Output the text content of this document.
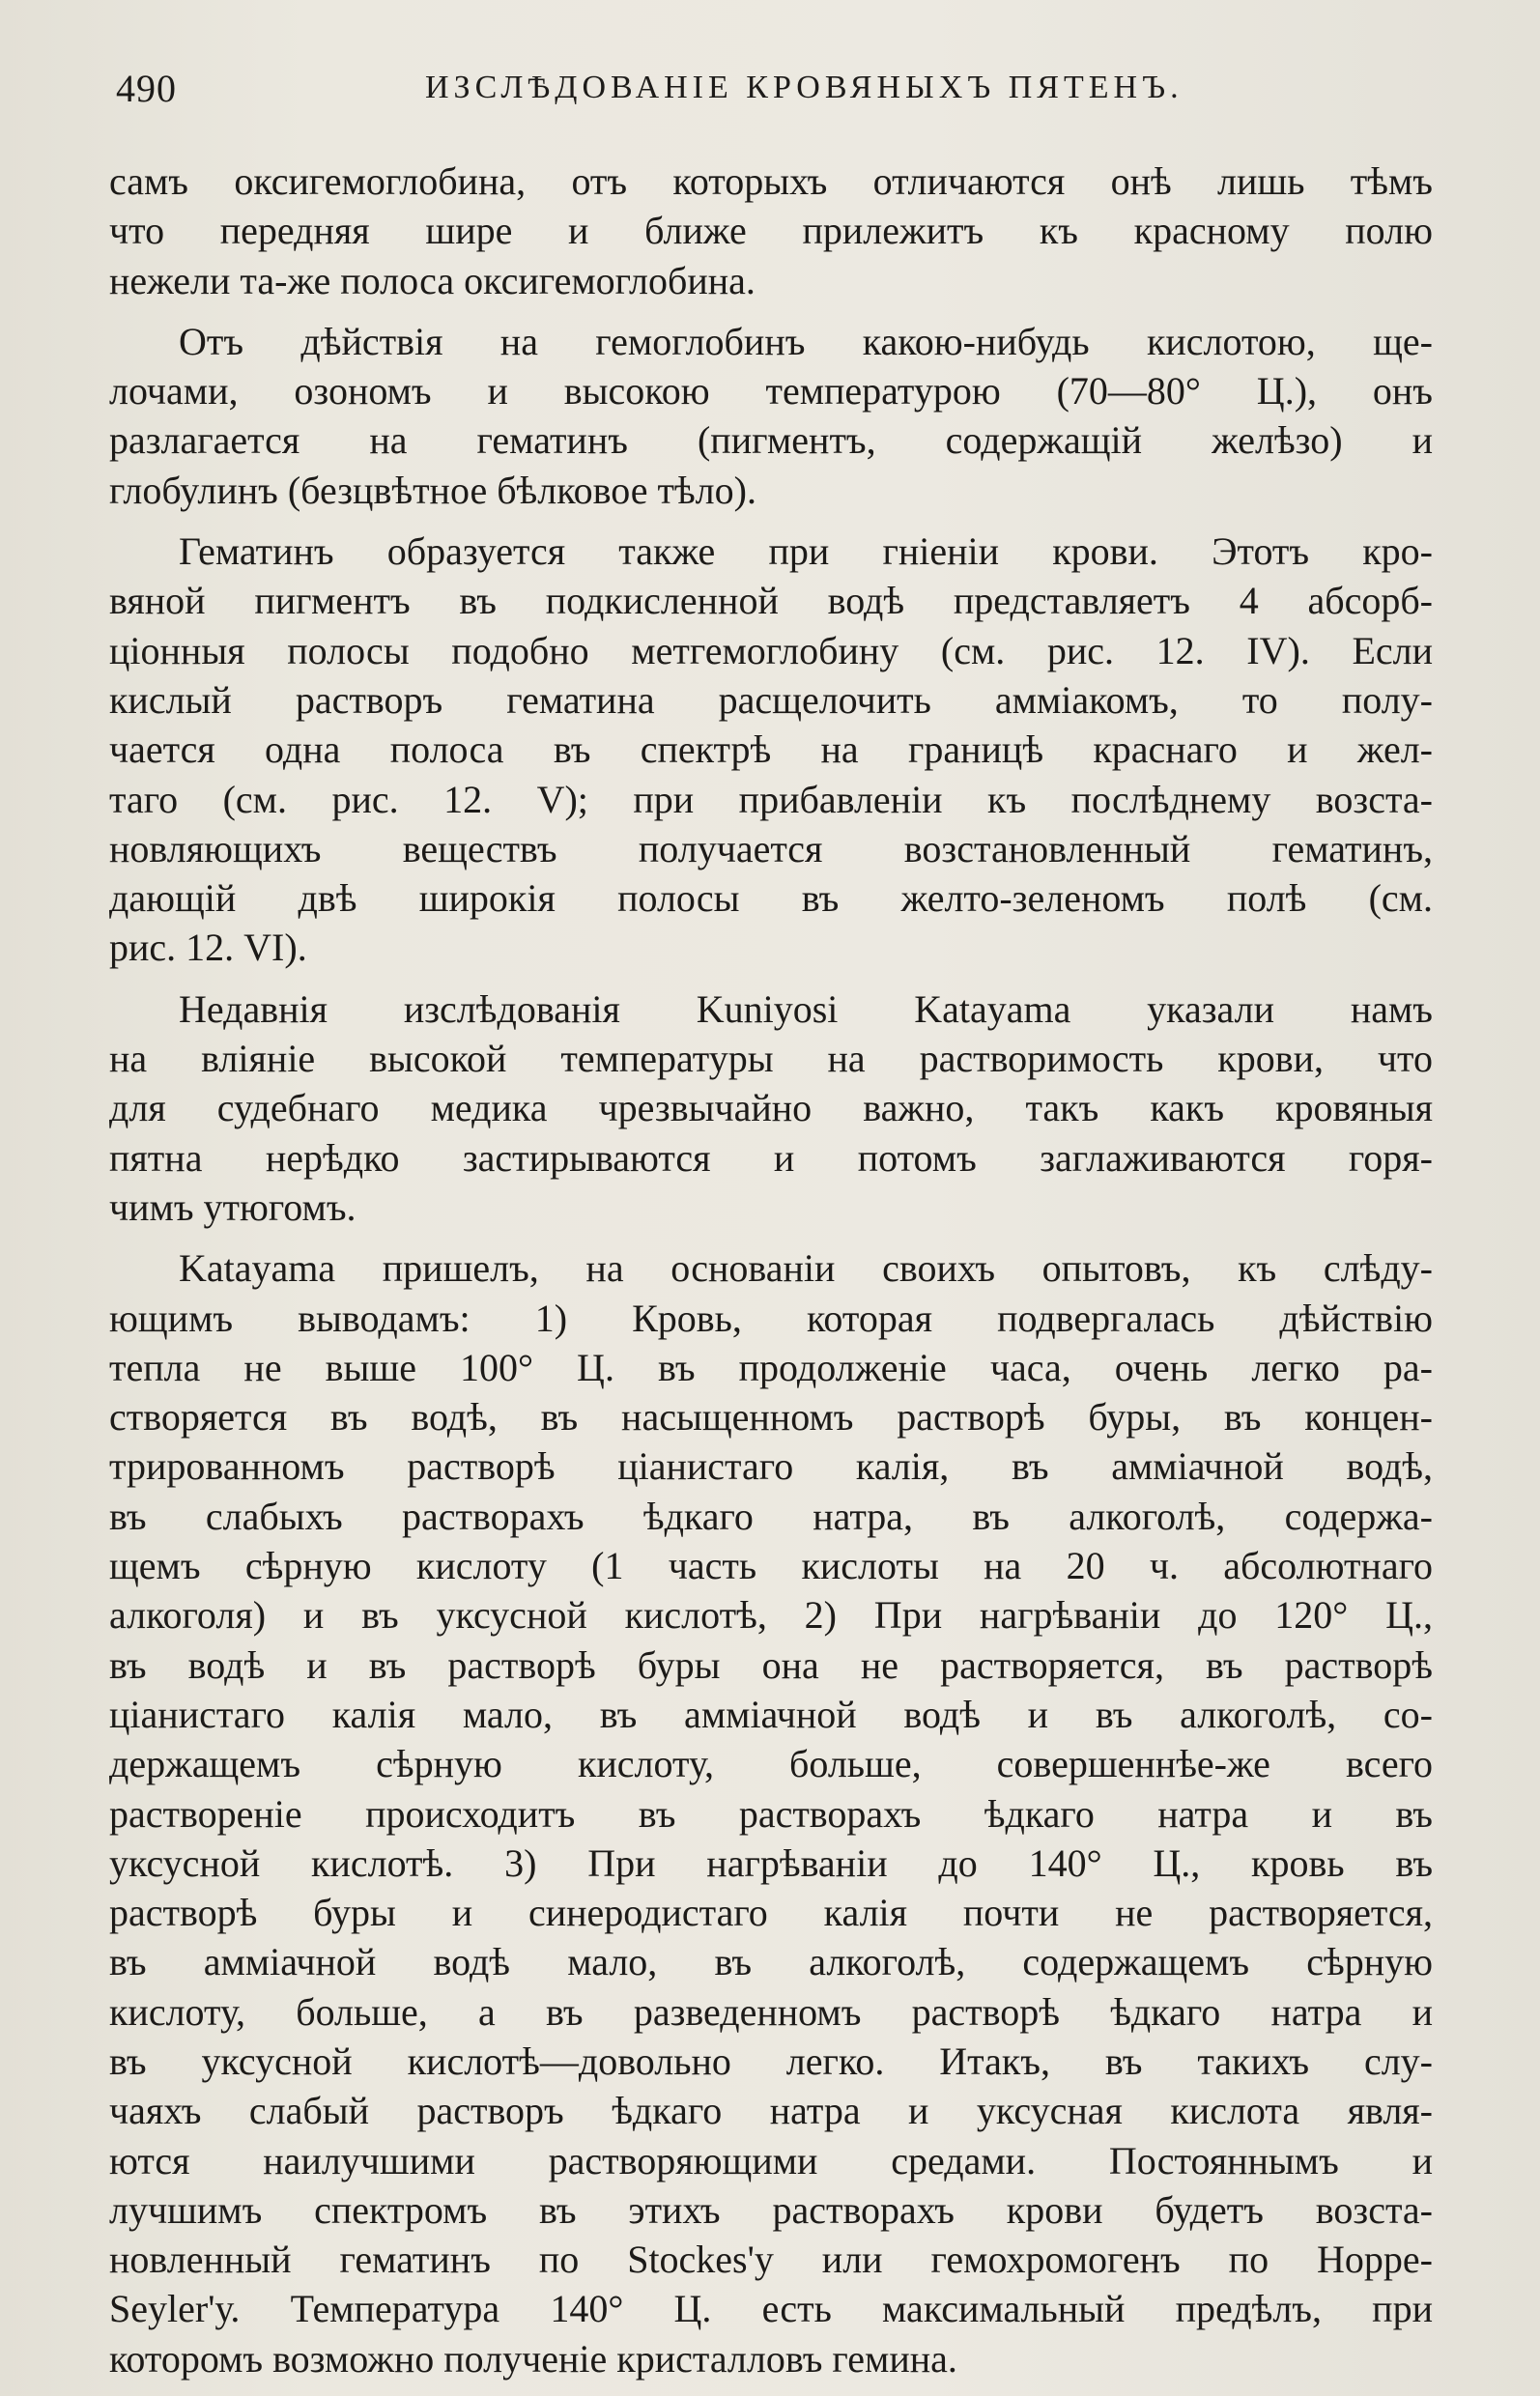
490	ИЗСЛѢДОВАНІЕ КРОВЯНЫХЪ ПЯТЕНЪ.

самъ оксигемоглобина, отъ которыхъ отличаются онѣ лишь тѣмъ
что передняя шире и ближе прилежитъ къ красному полю
нежели та-же полоса оксигемоглобина.

Отъ дѣйствія на гемоглобинъ какою-нибудь кислотою, ще-
лочами, озономъ и высокою температурою (70—80° Ц.), онъ
разлагается на гематинъ (пигментъ, содержащій желѣзо) и
глобулинъ (безцвѣтное бѣлковое тѣло).

Гематинъ образуется также при гніеніи крови. Этотъ кро-
вяной пигментъ въ подкисленной водѣ представляетъ 4 абсорб-
ціонныя полосы подобно метгемоглобину (см. рис. 12. IV). Если
кислый растворъ гематина расщелочить амміакомъ, то полу-
чается одна полоса въ спектрѣ на границѣ краснаго и жел-
таго (см. рис. 12. V); при прибавленіи къ послѣднему возста-
новляющихъ веществъ получается возстановленный гематинъ,
дающій двѣ широкія полосы въ желто-зеленомъ полѣ (см.
рис. 12. VI).

Недавнія изслѣдованія Kuniyosi Katayama указали намъ
на вліяніе высокой температуры на растворимость крови, что
для судебнаго медика чрезвычайно важно, такъ какъ кровяныя
пятна нерѣдко застирываются и потомъ заглаживаются горя-
чимъ утюгомъ.

Katayama пришелъ, на основаніи своихъ опытовъ, къ слѣду-
ющимъ выводамъ: 1) Кровь, которая подвергалась дѣйствію
тепла не выше 100° Ц. въ продолженіе часа, очень легко ра-
створяется въ водѣ, въ насыщенномъ растворѣ буры, въ концен-
трированномъ растворѣ ціанистаго калія, въ амміачной водѣ,
въ слабыхъ растворахъ ѣдкаго натра, въ алкоголѣ, содержа-
щемъ сѣрную кислоту (1 часть кислоты на 20 ч. абсолютнаго
алкоголя) и въ уксусной кислотѣ, 2) При нагрѣваніи до 120° Ц.,
въ водѣ и въ растворѣ буры она не растворяется, въ растворѣ
ціанистаго калія мало, въ амміачной водѣ и въ алкоголѣ, со-
держащемъ сѣрную кислоту, больше, совершеннѣе-же всего
раствореніе происходитъ въ растворахъ ѣдкаго натра и въ
уксусной кислотѣ. 3) При нагрѣваніи до 140° Ц., кровь въ
растворѣ буры и синеродистаго калія почти не растворяется,
въ амміачной водѣ мало, въ алкоголѣ, содержащемъ сѣрную
кислоту, больше, а въ разведенномъ растворѣ ѣдкаго натра и
въ уксусной кислотѣ—довольно легко. Итакъ, въ такихъ слу-
чаяхъ слабый растворъ ѣдкаго натра и уксусная кислота явля-
ются наилучшими растворяющими средами. Постояннымъ и
лучшимъ спектромъ въ этихъ растворахъ крови будетъ возста-
новленный гематинъ по Stockes'у или гемохромогенъ по Hoppe-
Seyler'у. Температура 140° Ц. есть максимальный предѣлъ, при
которомъ возможно полученіе кристалловъ гемина.
